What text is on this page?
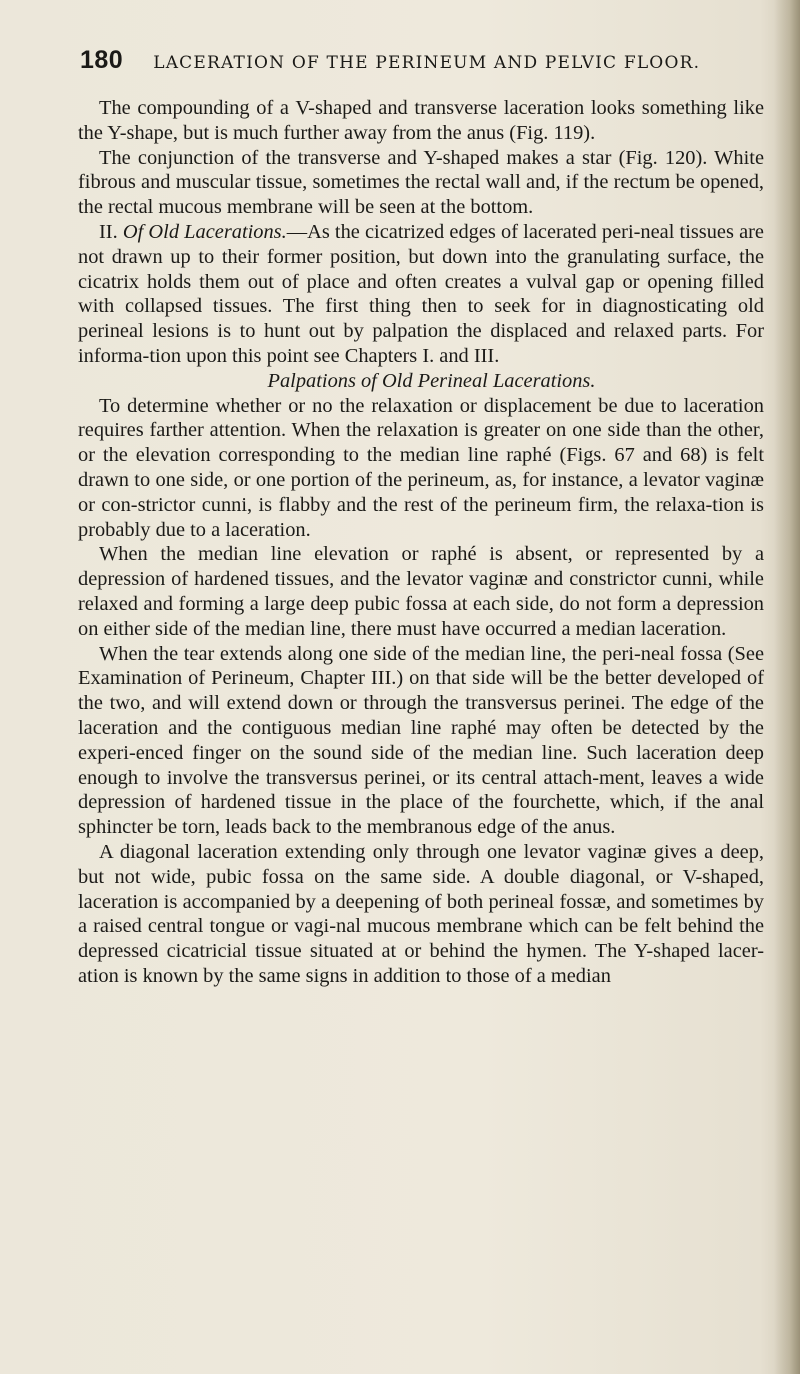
180 LACERATION OF THE PERINEUM AND PELVIC FLOOR.

The compounding of a V-shaped and transverse laceration looks something like the Y-shape, but is much further away from the anus (Fig. 119).

The conjunction of the transverse and Y-shaped makes a star (Fig. 120). White fibrous and muscular tissue, sometimes the rectal wall and, if the rectum be opened, the rectal mucous membrane will be seen at the bottom.

II. Of Old Lacerations.—As the cicatrized edges of lacerated peri-neal tissues are not drawn up to their former position, but down into the granulating surface, the cicatrix holds them out of place and often creates a vulval gap or opening filled with collapsed tissues. The first thing then to seek for in diagnosticating old perineal lesions is to hunt out by palpation the displaced and relaxed parts. For informa-tion upon this point see Chapters I. and III.

Palpations of Old Perineal Lacerations.

To determine whether or no the relaxation or displacement be due to laceration requires farther attention. When the relaxation is greater on one side than the other, or the elevation corresponding to the median line raphé (Figs. 67 and 68) is felt drawn to one side, or one portion of the perineum, as, for instance, a levator vaginæ or con-strictor cunni, is flabby and the rest of the perineum firm, the relaxa-tion is probably due to a laceration.

When the median line elevation or raphé is absent, or represented by a depression of hardened tissues, and the levator vaginæ and constrictor cunni, while relaxed and forming a large deep pubic fossa at each side, do not form a depression on either side of the median line, there must have occurred a median laceration.

When the tear extends along one side of the median line, the peri-neal fossa (See Examination of Perineum, Chapter III.) on that side will be the better developed of the two, and will extend down or through the transversus perinei. The edge of the laceration and the contiguous median line raphé may often be detected by the experi-enced finger on the sound side of the median line. Such laceration deep enough to involve the transversus perinei, or its central attach-ment, leaves a wide depression of hardened tissue in the place of the fourchette, which, if the anal sphincter be torn, leads back to the membranous edge of the anus.

A diagonal laceration extending only through one levator vaginæ gives a deep, but not wide, pubic fossa on the same side. A double diagonal, or V-shaped, laceration is accompanied by a deepening of both perineal fossæ, and sometimes by a raised central tongue or vagi-nal mucous membrane which can be felt behind the depressed cicatricial tissue situated at or behind the hymen. The Y-shaped lacer-ation is known by the same signs in addition to those of a median
